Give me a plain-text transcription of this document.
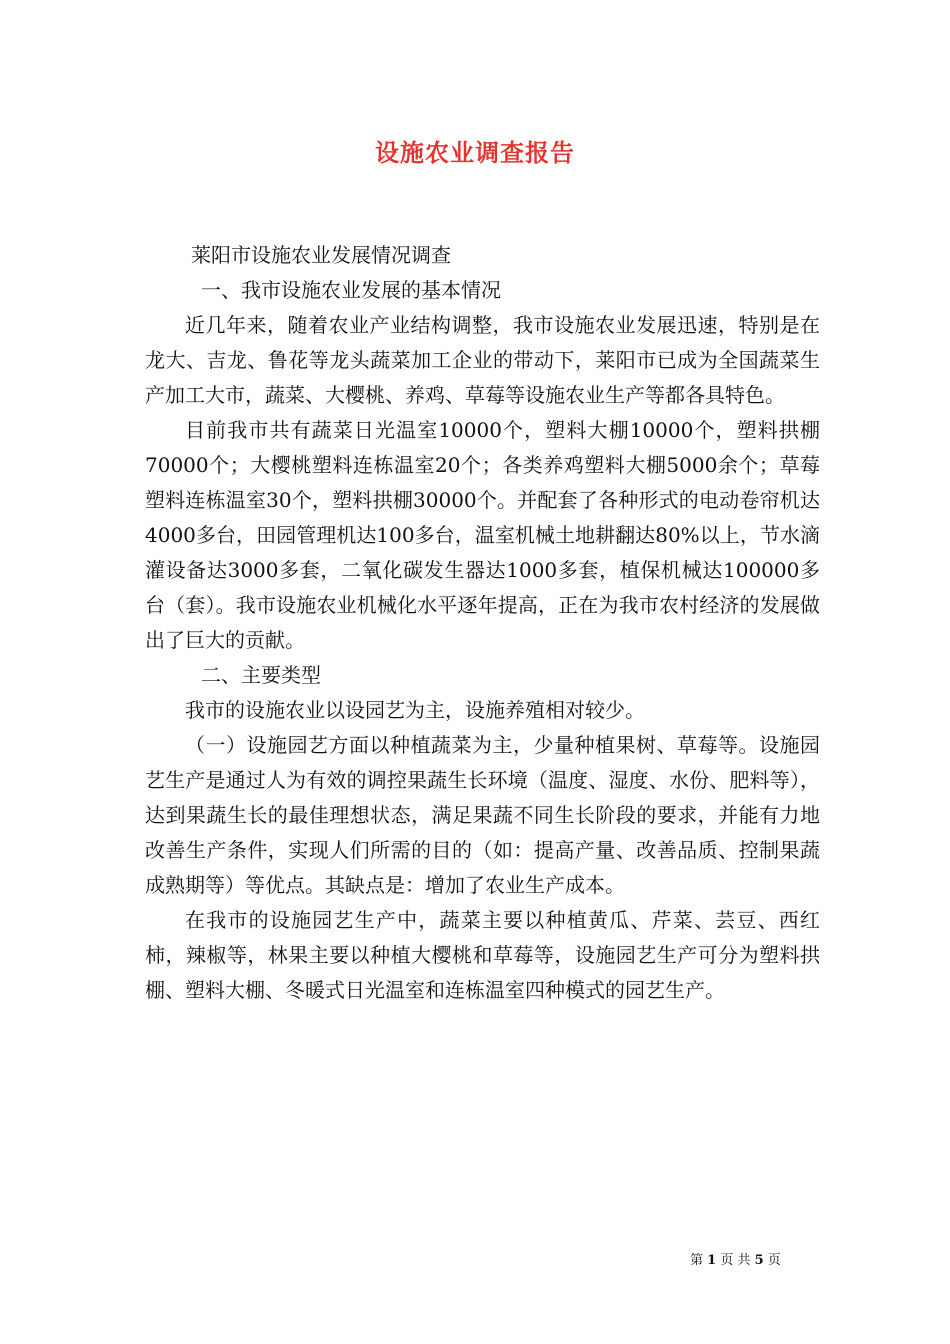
设施农业调查报告

莱阳市设施农业发展情况调查

一、我市设施农业发展的基本情况

近几年来，随着农业产业结构调整，我市设施农业发展迅速，特别是在龙大、吉龙、鲁花等龙头蔬菜加工企业的带动下，莱阳市已成为全国蔬菜生产加工大市，蔬菜、大樱桃、养鸡、草莓等设施农业生产等都各具特色。

目前我市共有蔬菜日光温室10000个，塑料大棚10000个，塑料拱棚70000个；大樱桃塑料连栋温室20个；各类养鸡塑料大棚5000余个；草莓塑料连栋温室30个，塑料拱棚30000个。并配套了各种形式的电动卷帘机达4000多台，田园管理机达100多台，温室机械土地耕翻达80%以上，节水滴灌设备达3000多套，二氧化碳发生器达1000多套，植保机械达100000多台（套）。我市设施农业机械化水平逐年提高，正在为我市农村经济的发展做出了巨大的贡献。

二、主要类型

我市的设施农业以设园艺为主，设施养殖相对较少。

（一）设施园艺方面以种植蔬菜为主，少量种植果树、草莓等。设施园艺生产是通过人为有效的调控果蔬生长环境（温度、湿度、水份、肥料等），达到果蔬生长的最佳理想状态，满足果蔬不同生长阶段的要求，并能有力地改善生产条件，实现人们所需的目的（如：提高产量、改善品质、控制果蔬成熟期等）等优点。其缺点是：增加了农业生产成本。

在我市的设施园艺生产中，蔬菜主要以种植黄瓜、芹菜、芸豆、西红柿，辣椒等，林果主要以种植大樱桃和草莓等，设施园艺生产可分为塑料拱棚、塑料大棚、冬暖式日光温室和连栋温室四种模式的园艺生产。

第 1 页 共 5 页
